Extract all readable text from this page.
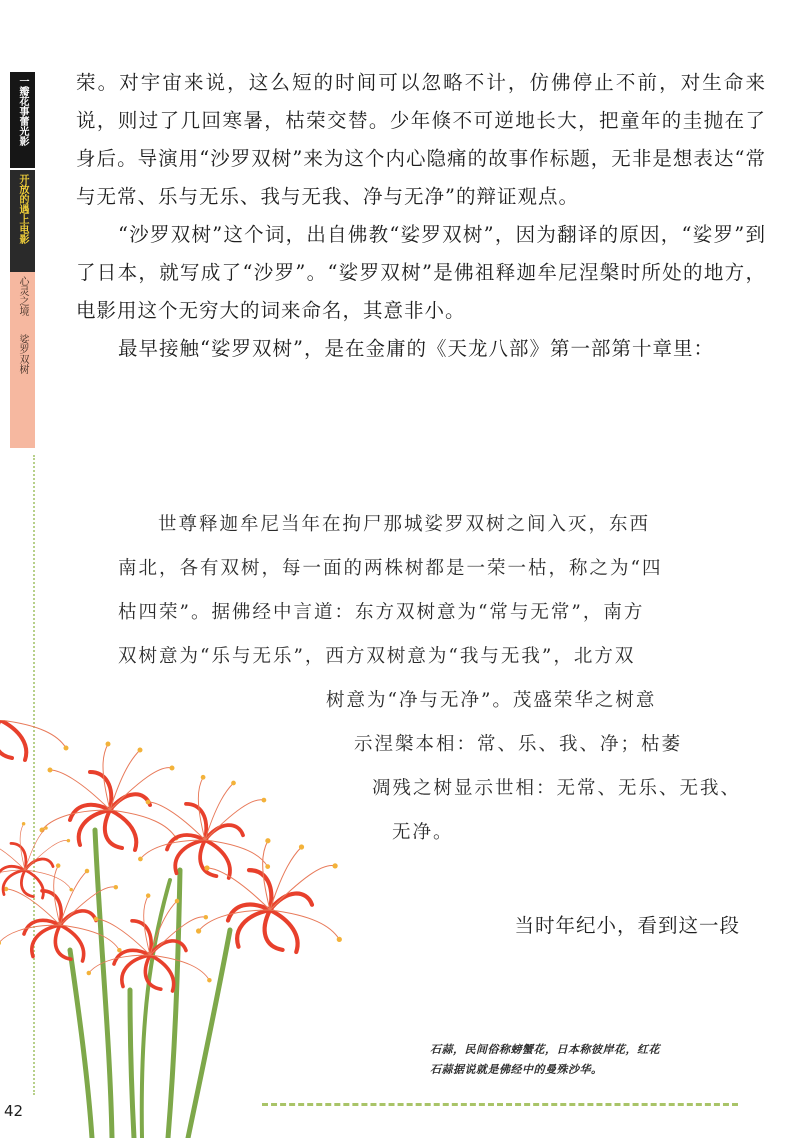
一瓣花事蕾光影
开放的遇上电影
心灵之境
娑罗双树

荣。对宇宙来说，这么短的时间可以忽略不计，仿佛停止不前，对生命来说，则过了几回寒暑，枯荣交替。少年倏不可逆地长大，把童年的圭抛在了身后。导演用“沙罗双树”来为这个内心隐痛的故事作标题，无非是想表达“常与无常、乐与无乐、我与无我、净与无净”的辩证观点。

“沙罗双树”这个词，出自佛教“娑罗双树”，因为翻译的原因，“娑罗”到了日本，就写成了“沙罗”。“娑罗双树”是佛祖释迦牟尼涅槃时所处的地方，电影用这个无穷大的词来命名，其意非小。

最早接触“娑罗双树”，是在金庸的《天龙八部》第一部第十章里：

世尊释迦牟尼当年在拘尸那城娑罗双树之间入灭，东西
南北，各有双树，每一面的两株树都是一荣一枯，称之为“四
枯四荣”。据佛经中言道：东方双树意为“常与无常”，南方
双树意为“乐与无乐”，西方双树意为“我与无我”，北方双
树意为“净与无净”。茂盛荣华之树意
示涅槃本相：常、乐、我、净；枯萎
凋残之树显示世相：无常、无乐、无我、
无净。
当时年纪小，看到这一段
石蒜，民间俗称螃蟹花，日本称彼岸花，红花
石蒜据说就是佛经中的曼殊沙华。
42
